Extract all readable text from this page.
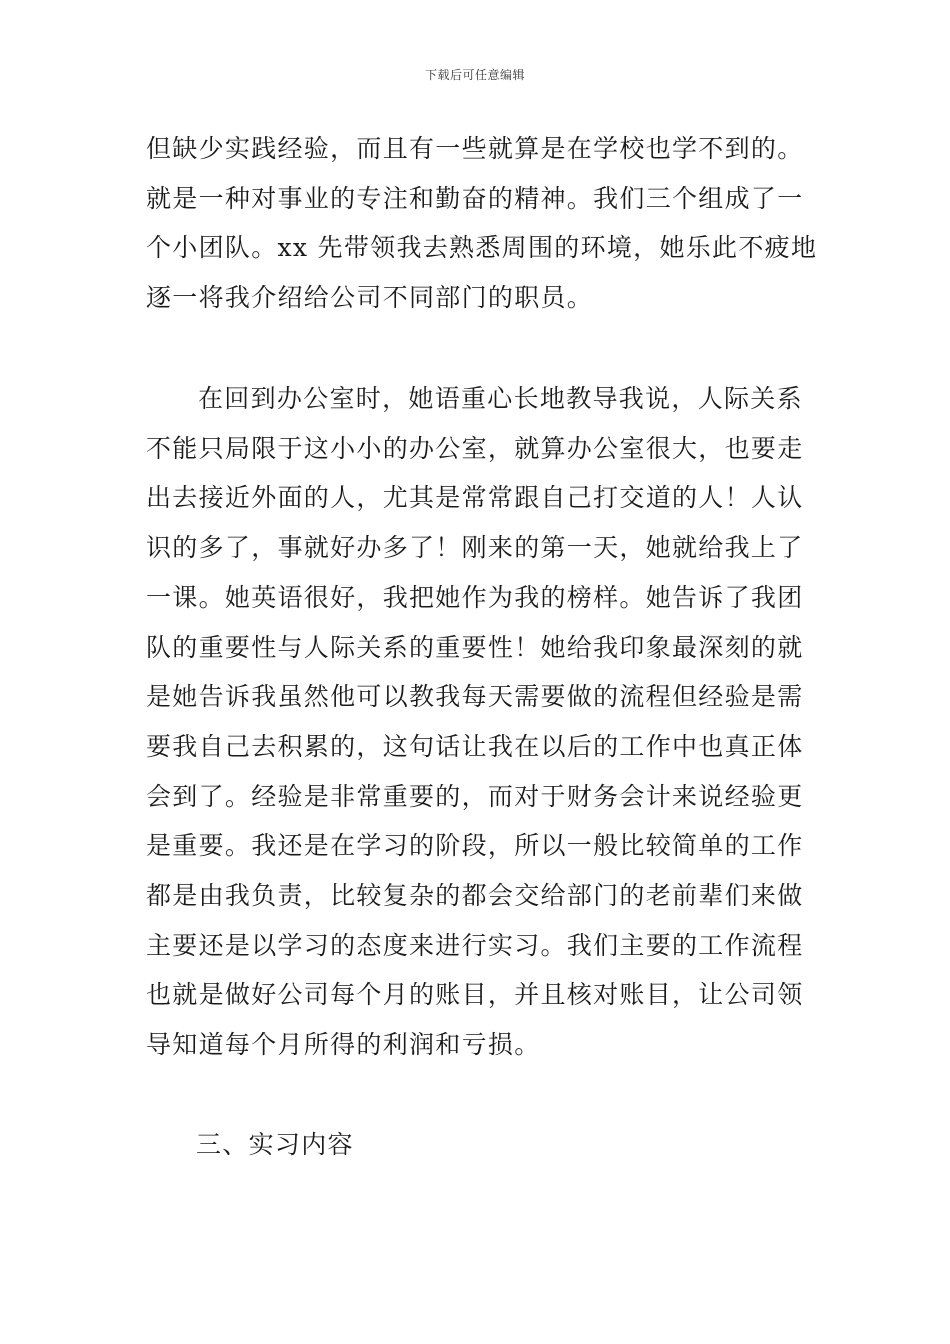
下载后可任意编辑
但缺少实践经验，而且有一些就算是在学校也学不到的。
就是一种对事业的专注和勤奋的精神。我们三个组成了一
个小团队。xx 先带领我去熟悉周围的环境，她乐此不疲地
逐一将我介绍给公司不同部门的职员。
在回到办公室时，她语重心长地教导我说，人际关系
不能只局限于这小小的办公室，就算办公室很大，也要走
出去接近外面的人，尤其是常常跟自己打交道的人！人认
识的多了，事就好办多了！刚来的第一天，她就给我上了
一课。她英语很好，我把她作为我的榜样。她告诉了我团
队的重要性与人际关系的重要性！她给我印象最深刻的就
是她告诉我虽然他可以教我每天需要做的流程但经验是需
要我自己去积累的，这句话让我在以后的工作中也真正体
会到了。经验是非常重要的，而对于财务会计来说经验更
是重要。我还是在学习的阶段，所以一般比较简单的工作
都是由我负责，比较复杂的都会交给部门的老前辈们来做
主要还是以学习的态度来进行实习。我们主要的工作流程
也就是做好公司每个月的账目，并且核对账目，让公司领
导知道每个月所得的利润和亏损。
三、实习内容
